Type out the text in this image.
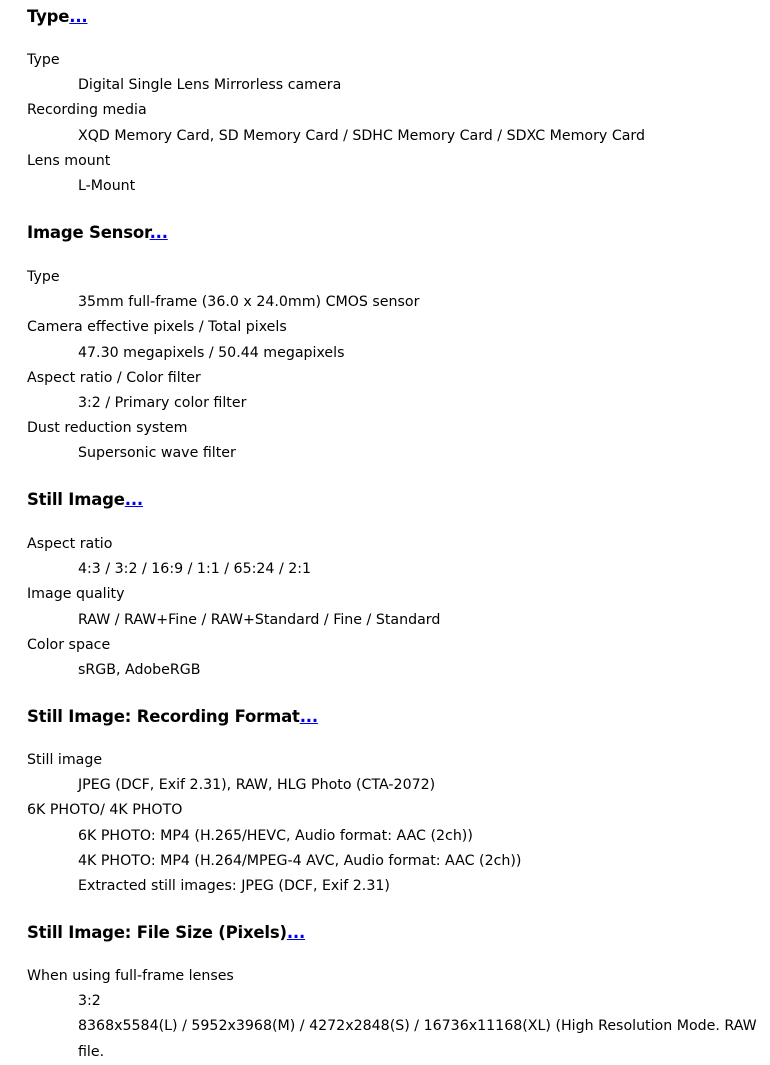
Type...
Type
Digital Single Lens Mirrorless camera
Recording media
XQD Memory Card, SD Memory Card / SDHC Memory Card / SDXC Memory Card
Lens mount
L-Mount
Image Sensor...
Type
35mm full-frame (36.0 x 24.0mm) CMOS sensor
Camera effective pixels / Total pixels
47.30 megapixels / 50.44 megapixels
Aspect ratio / Color filter
3:2 / Primary color filter
Dust reduction system
Supersonic wave filter
Still Image...
Aspect ratio
4:3 / 3:2 / 16:9 / 1:1 / 65:24 / 2:1
Image quality
RAW / RAW+Fine / RAW+Standard / Fine / Standard
Color space
sRGB, AdobeRGB
Still Image: Recording Format...
Still image
JPEG (DCF, Exif 2.31), RAW, HLG Photo (CTA-2072)
6K PHOTO/ 4K PHOTO
6K PHOTO: MP4 (H.265/HEVC, Audio format: AAC (2ch))
4K PHOTO: MP4 (H.264/MPEG-4 AVC, Audio format: AAC (2ch))
Extracted still images: JPEG (DCF, Exif 2.31)
Still Image: File Size (Pixels)...
When using full-frame lenses
3:2
8368x5584(L) / 5952x3968(M) / 4272x2848(S) / 16736x11168(XL) (High Resolution Mode. RAW file.
